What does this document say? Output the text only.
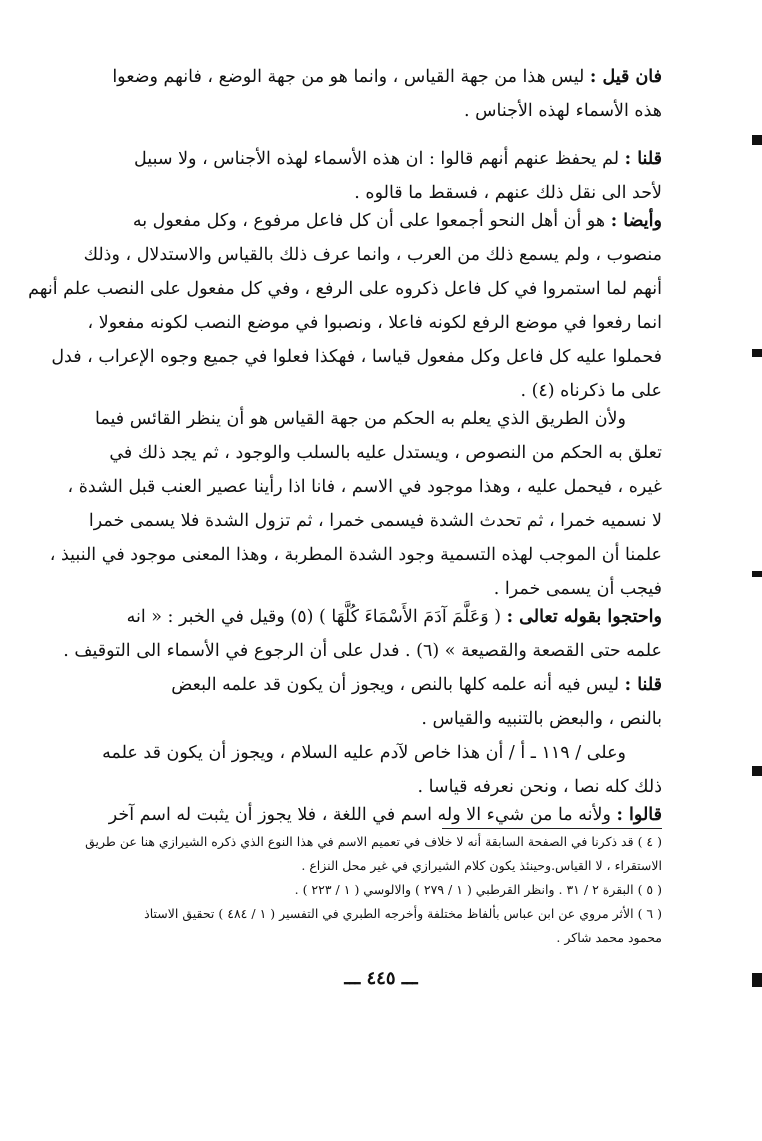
فان قيل : ليس هذا من جهة القياس ، وانما هو من جهة الوضع ، فانهم وضعوا
هذه الأسماء لهذه الأجناس .
قلنا : لم يحفظ عنهم أنهم قالوا : ان هذه الأسماء لهذه الأجناس ، ولا سبيل
لأحد الى نقل ذلك عنهم ، فسقط ما قالوه .
وأيضا : هو أن أهل النحو أجمعوا على أن كل فاعل مرفوع ، وكل مفعول به
منصوب ، ولم يسمع ذلك من العرب ، وانما عرف ذلك بالقياس والاستدلال ، وذلك
أنهم لما استمروا في كل فاعل ذكروه على الرفع ، وفي كل مفعول على النصب علم أنهم
انما رفعوا في موضع الرفع لكونه فاعلا ، ونصبوا في موضع النصب لكونه مفعولا ،
فحملوا عليه كل فاعل وكل مفعول قياسا ، فهكذا فعلوا في جميع وجوه الإعراب ، فدل
على ما ذكرناه (٤) .
ولأن الطريق الذي يعلم به الحكم من جهة القياس هو أن ينظر القائس فيما
تعلق به الحكم من النصوص ، ويستدل عليه بالسلب والوجود ، ثم يجد ذلك في
غيره ، فيحمل عليه ، وهذا موجود في الاسم ، فانا اذا رأينا عصير العنب قبل الشدة ،
لا نسميه خمرا ، ثم تحدث الشدة فيسمى خمرا ، ثم تزول الشدة فلا يسمى خمرا
علمنا أن الموجب لهذه التسمية وجود الشدة المطربة ، وهذا المعنى موجود في النبيذ ،
فيجب أن يسمى خمرا .
واحتجوا بقوله تعالى : ( وَعَلَّمَ آدَمَ الأَسْمَاءَ كُلَّهَا ) (٥) وقيل في الخبر : « انه
علمه حتى القصعة والقصيعة » (٦) . فدل على أن الرجوع في الأسماء الى التوقيف .
قلنا : ليس فيه أنه علمه كلها بالنص ، ويجوز أن يكون قد علمه البعض
بالنص ، والبعض بالتنبيه والقياس .
وعلى / ١١٩ ـ أ / أن هذا خاص لآدم عليه السلام ، ويجوز أن يكون قد علمه
ذلك كله نصا ، ونحن نعرفه قياسا .
قالوا : ولأنه ما من شيء الا وله اسم في اللغة ، فلا يجوز أن يثبت له اسم آخر
( ٤ ) قد ذكرنا في الصفحة السابقة أنه لا خلاف في تعميم الاسم في هذا النوع الذي ذكره الشيرازي هنا عن طريق
الاستقراء ، لا القياس.وحينئذ يكون كلام الشيرازي في غير محل النزاع .
( ٥ ) البقرة ٢ / ٣١ . وانظر القرطبي ( ١ / ٢٧٩ ) والالوسي ( ١ / ٢٢٣ ) .
( ٦ ) الأثر مروي عن ابن عباس بألفاظ مختلفة وأخرجه الطبري في التفسير ( ١ / ٤٨٤ ) تحقيق الاستاذ
محمود محمد شاكر .
ـــ ٤٤٥ ـــ
